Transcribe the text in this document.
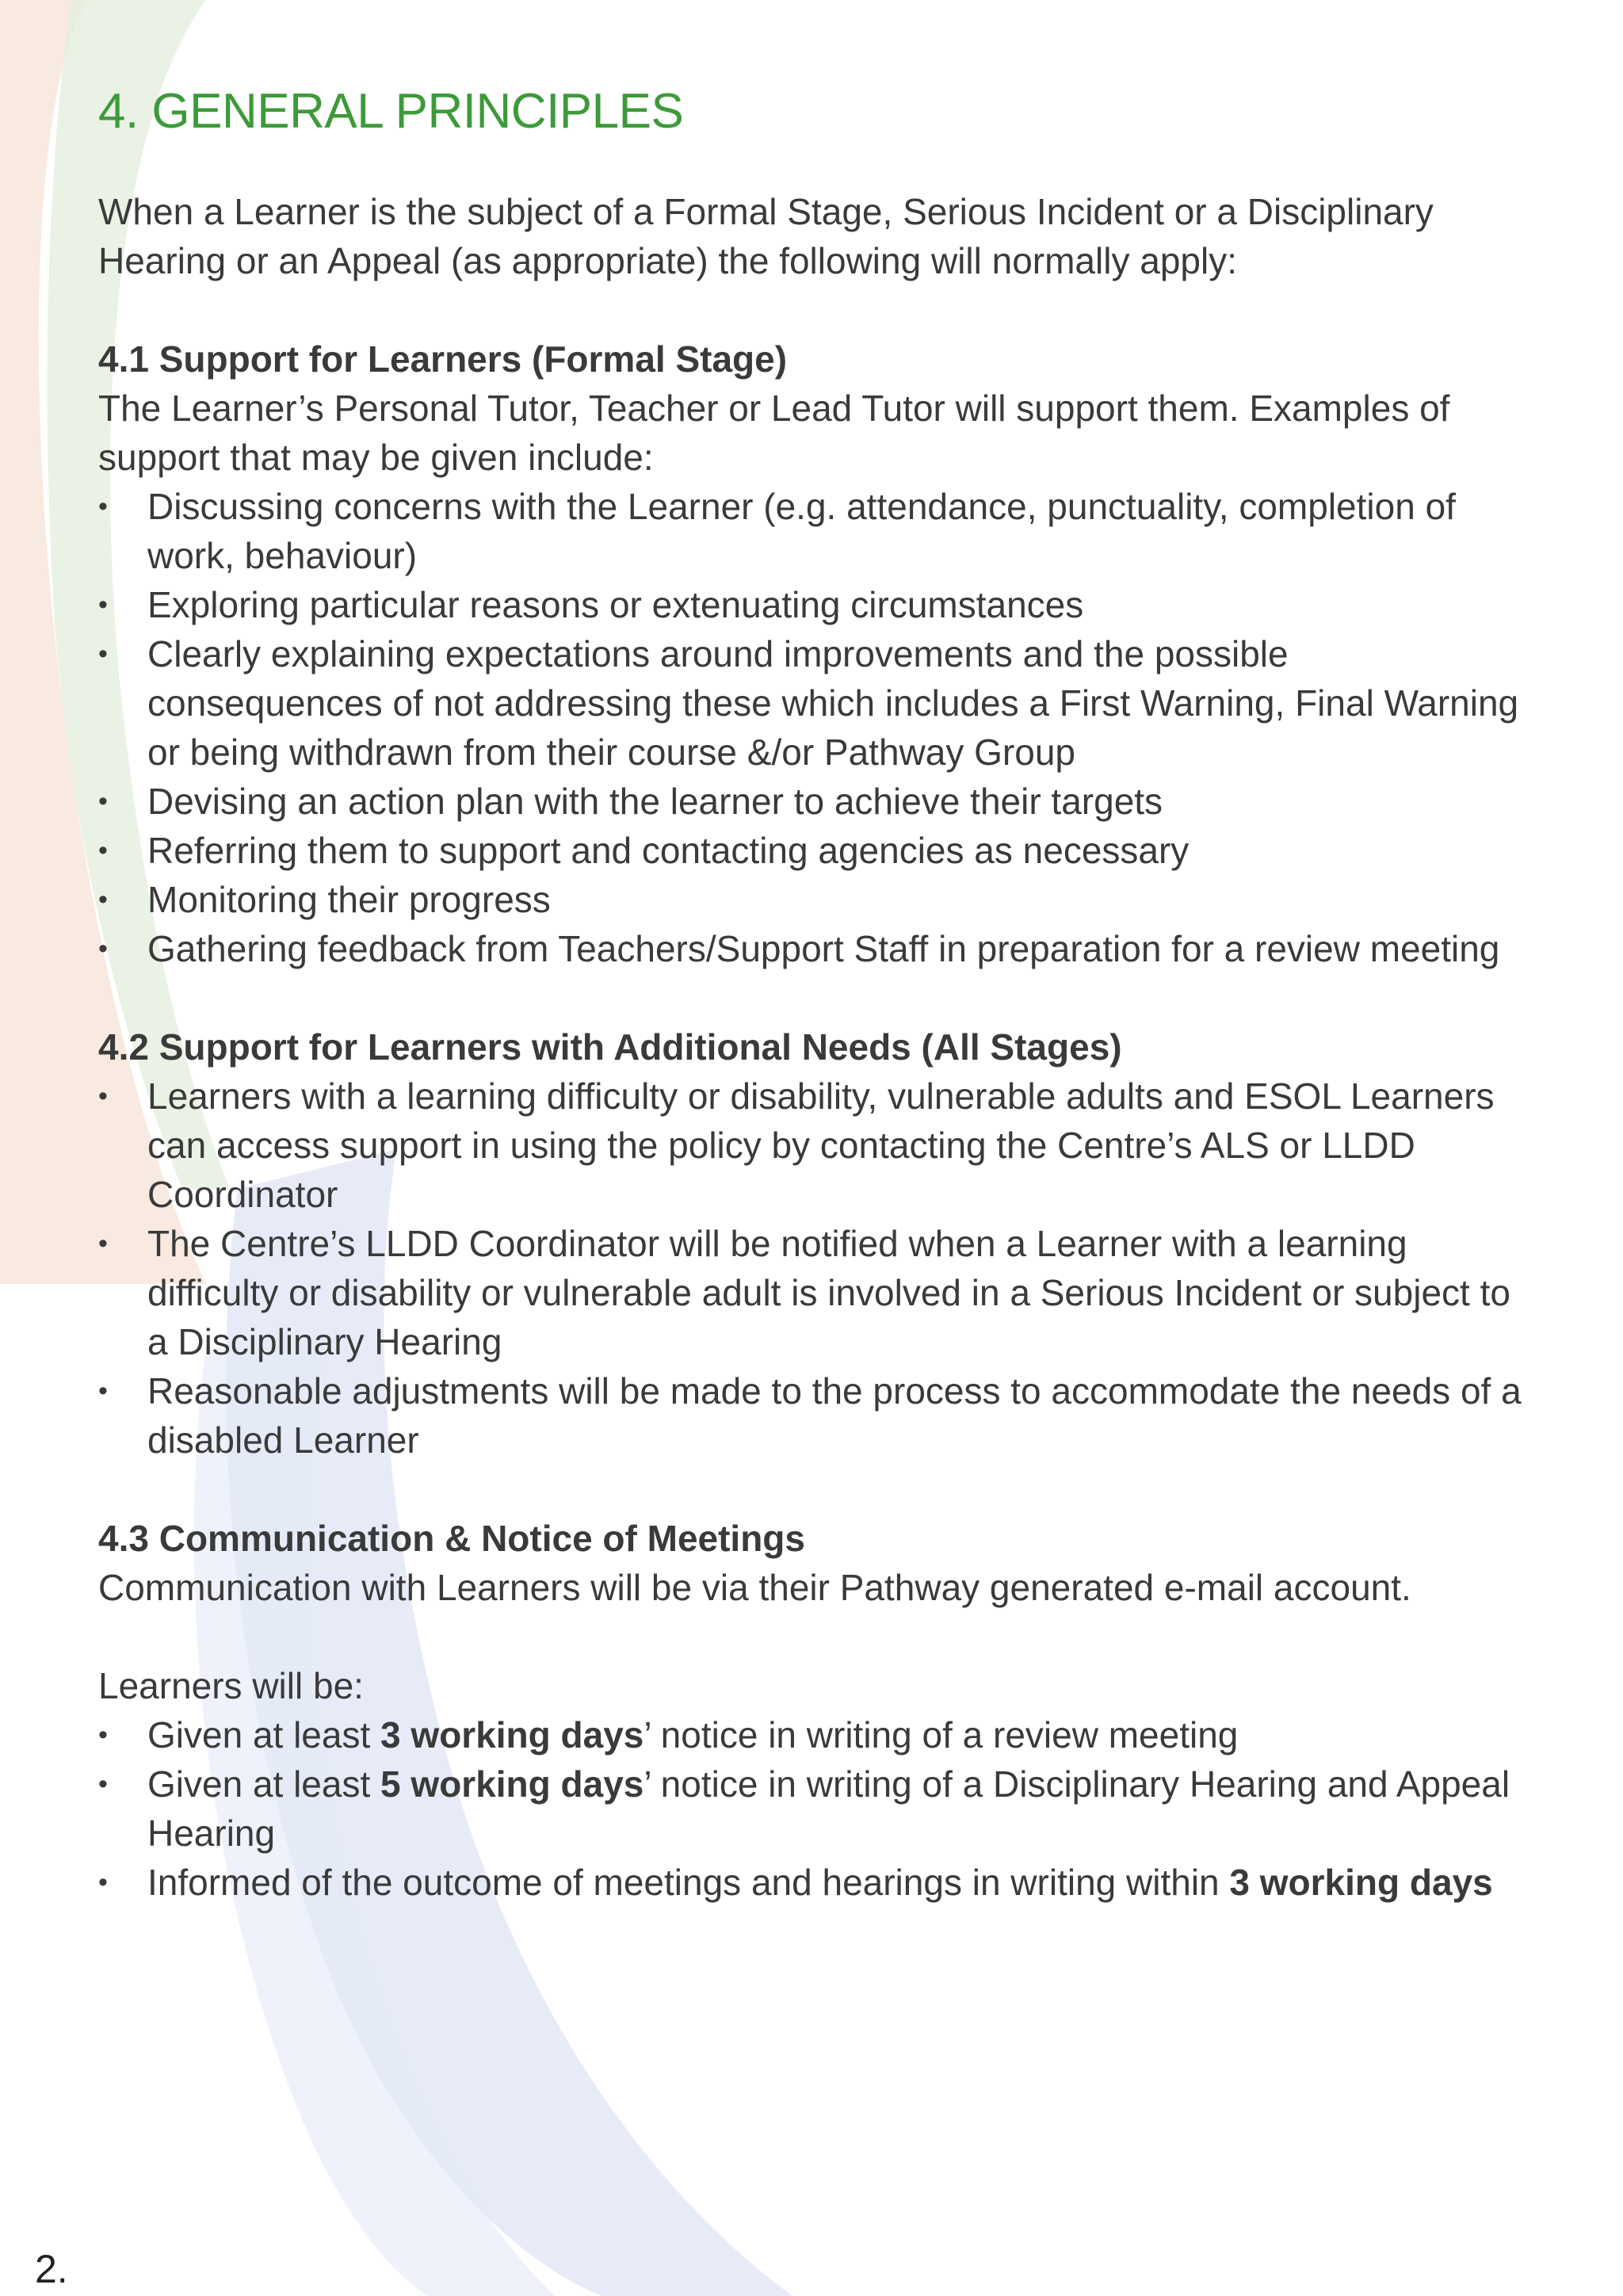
4. GENERAL PRINCIPLES

When a Learner is the subject of a Formal Stage, Serious Incident or a Disciplinary Hearing or an Appeal (as appropriate) the following will normally apply:

4.1 Support for Learners (Formal Stage)

The Learner’s Personal Tutor, Teacher or Lead Tutor will support them. Examples of support that may be given include:

• Discussing concerns with the Learner (e.g. attendance, punctuality, completion of work, behaviour)
• Exploring particular reasons or extenuating circumstances
• Clearly explaining expectations around improvements and the possible consequences of not addressing these which includes a First Warning, Final Warning or being withdrawn from their course &/or Pathway Group
• Devising an action plan with the learner to achieve their targets
• Referring them to support and contacting agencies as necessary
• Monitoring their progress
• Gathering feedback from Teachers/Support Staff in preparation for a review meeting
4.2 Support for Learners with Additional Needs (All Stages)
• Learners with a learning difficulty or disability, vulnerable adults and ESOL Learners can access support in using the policy by contacting the Centre’s ALS or LLDD Coordinator
• The Centre’s LLDD Coordinator will be notified when a Learner with a learning difficulty or disability or vulnerable adult is involved in a Serious Incident or subject to a Disciplinary Hearing
• Reasonable adjustments will be made to the process to accommodate the needs of a disabled Learner
4.3 Communication & Notice of Meetings

Communication with Learners will be via their Pathway generated e-mail account.

Learners will be:

• Given at least 3 working days’ notice in writing of a review meeting
• Given at least 5 working days’ notice in writing of a Disciplinary Hearing and Appeal Hearing
• Informed of the outcome of meetings and hearings in writing within 3 working days
2.
